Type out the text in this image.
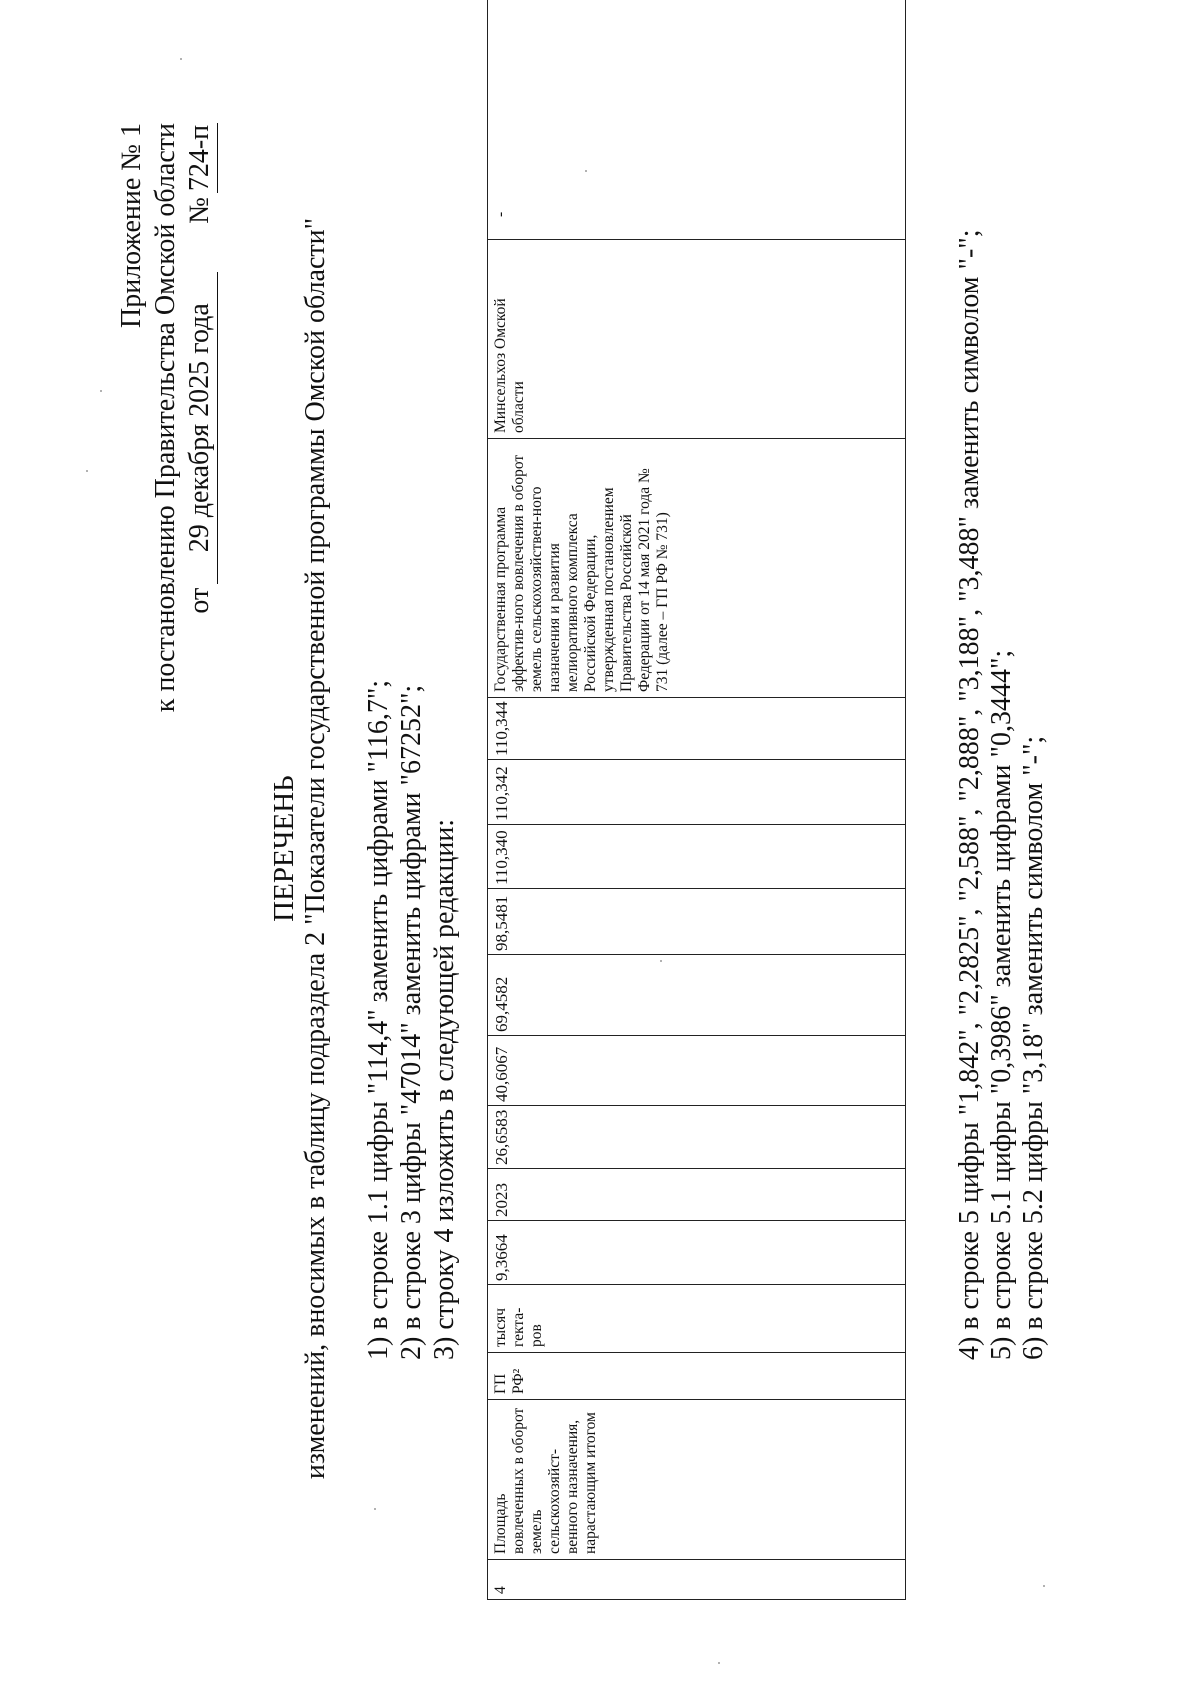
Приложение № 1 к постановлению Правительства Омской области от
29 декабря 2025 года
№
724-п
ПЕРЕЧЕНЬ изменений, вносимых в таблицу подраздела 2 "Показатели государственной программы Омской области" 1) в строке 1.1 цифры "114,4" заменить цифрами "116,7"; 2) в строке 3 цифры "47014" заменить цифрами "67252"; 3) строку 4 изложить в следующей редакции:
4	Площадь вовлеченных в оборот земель сельскохозяйст-венного назначения, нарастающим итогом	ГП РФ²	тысяч гекта-ров	9,3664	2023	26,6583	40,6067	69,4582	98,5481	110,340	110,342	110,344	Государственная программа эффектив-ного вовлечения в оборот земель сельскохозяйствен-ного назначения и развития мелиоративного комплекса Российской Федерации, утвержденная постановлением Правительства Российской Федерации от 14 мая 2021 года № 731 (далее – ГП РФ № 731)	Минсельхоз Омской области	-
4) в строке 5 цифры "1,842", "2,2825", "2,588", "2,888", "3,188", "3,488" заменить символом "-"; 5) в строке 5.1 цифры "0,3986" заменить цифрами "0,3444"; 6) в строке 5.2 цифры "3,18" заменить символом "-";
